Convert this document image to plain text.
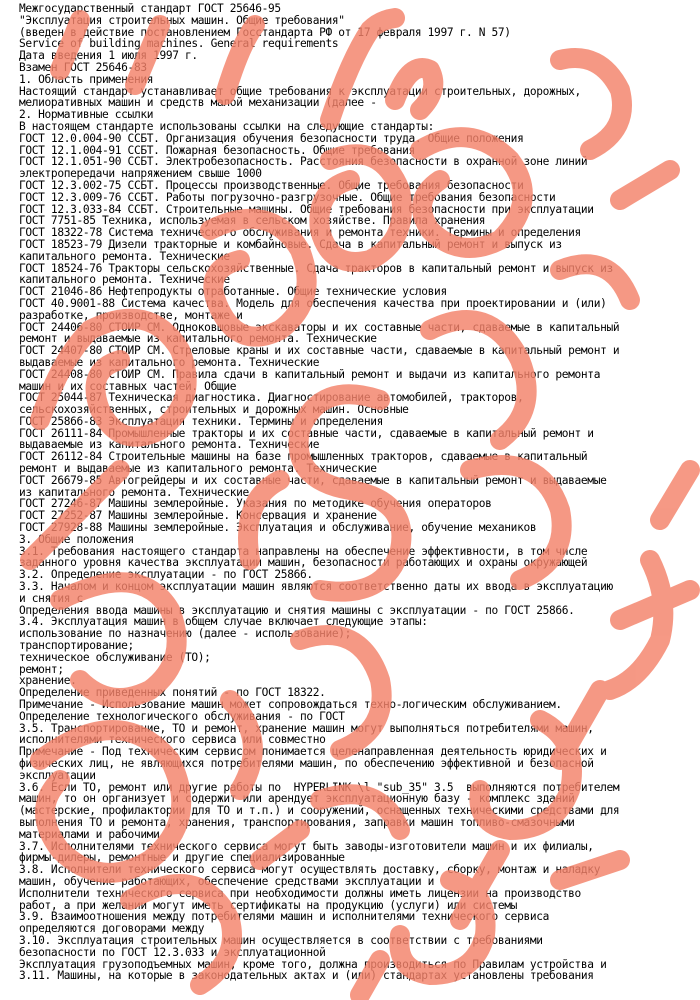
Межгосударственный стандарт ГОСТ 25646-95
"Эксплуатация строительных машин. Общие требования"
(введен в действие постановлением Госстандарта РФ от 17 февраля 1997 г. N 57)
Service of building machines. General requirements
Дата введения 1 июля 1997 г.
Взамен ГОСТ 25646-83
1. Область применения
Настоящий стандарт устанавливает общие требования к эксплуатации строительных, дорожных,
мелиоративных машин и средств малой механизации (далее -
2. Нормативные ссылки
В настоящем стандарте использованы ссылки на следующие стандарты:
ГОСТ 12.0.004-90 ССБТ. Организация обучения безопасности труда. Общие положения
ГОСТ 12.1.004-91 ССБТ. Пожарная безопасность. Общие требования
ГОСТ 12.1.051-90 ССБТ. Электробезопасность. Расстояния безопасности в охранной зоне линий
электропередачи напряжением свыше 1000
ГОСТ 12.3.002-75 ССБТ. Процессы производственные. Общие требования безопасности
ГОСТ 12.3.009-76 ССБТ. Работы погрузочно-разгрузочные. Общие требования безопасности
ГОСТ 12.3.033-84 ССБТ. Строительные машины. Общие требования безопасности при эксплуатации
ГОСТ 7751-85 Техника, используемая в сельском хозяйстве. Правила хранения
ГОСТ 18322-78 Система технического обслуживания и ремонта техники. Термины и определения
ГОСТ 18523-79 Дизели тракторные и комбайновые. Сдача в капитальный ремонт и выпуск из
капитального ремонта. Технические
ГОСТ 18524-76 Тракторы сельскохозяйственные. Сдача тракторов в капитальный ремонт и выпуск из
капитального ремонта. Технические
ГОСТ 21046-86 Нефтепродукты отработанные. Общие технические условия
ГОСТ 40.9001-88 Система качества. Модель для обеспечения качества при проектировании и (или)
разработке, производстве, монтаже и
ГОСТ 24406-80 СТОИР СМ. Одноковшовые экскаваторы и их составные части, сдаваемые в капитальный
ремонт и выдаваемые из капитального ремонта. Технические
ГОСТ 24407-80 СТОИР СМ. Стреловые краны и их составные части, сдаваемые в капитальный ремонт и
выдаваемые из капитального ремонта. Технические
ГОСТ 24408-80 СТОИР СМ. Правила сдачи в капитальный ремонт и выдачи из капитального ремонта
машин и их составных частей. Общие
ГОСТ 25044-87 Техническая диагностика. Диагностирование автомобилей, тракторов,
сельскохозяйственных, строительных и дорожных машин. Основные
ГОСТ 25866-83 Эксплуатация техники. Термины и определения
ГОСТ 26111-84 Промышленные тракторы и их составные части, сдаваемые в капитальный ремонт и
выдаваемые из капитального ремонта. Технические
ГОСТ 26112-84 Строительные машины на базе промышленных тракторов, сдаваемые в капитальный
ремонт и выдаваемые из капитального ремонта. Технические
ГОСТ 26679-85 Автогрейдеры и их составные части, сдаваемые в капитальный ремонт и выдаваемые
из капитального ремонта. Технические
ГОСТ 27246-87 Машины землеройные. Указания по методике обучения операторов
ГОСТ 27252-87 Машины землеройные. Консервация и хранение
ГОСТ 27928-88 Машины землеройные. Эксплуатация и обслуживание, обучение механиков
3. Общие положения
3.1. Требования настоящего стандарта направлены на обеспечение эффективности, в том числе
заданного уровня качества эксплуатации машин, безопасности работающих и охраны окружающей
3.2. Определение эксплуатации - по ГОСТ 25866.
3.3. Началом и концом эксплуатации машин являются соответственно даты их ввода в эксплуатацию
и снятия с
Определения ввода машины в эксплуатацию и снятия машины с эксплуатации - по ГОСТ 25866.
3.4. Эксплуатация машин в общем случае включает следующие этапы:
использование по назначению (далее - использование);
транспортирование;
техническое обслуживание (ТО);
ремонт;
хранение.
Определение приведенных понятий - по ГОСТ 18322.
Примечание - Использование машин может сопровождаться техно-логическим обслуживанием.
Определение технологического обслуживания - по ГОСТ
3.5. Транспортирование, ТО и ремонт, хранение машин могут выполняться потребителями машин,
исполнителями технического сервиса или совместно
Примечание - Под техническим сервисом понимается целенаправленная деятельность юридических и
физических лиц, не являющихся потребителями машин, по обеспечению эффективной и безопасной
эксплуатации
3.6. Если ТО, ремонт или другие работы по  HYPERLINK \l "sub_35" 3.5  выполняются потребителем
машин, то он организует и содержит или арендует эксплуатационную базу - комплекс зданий
(мастерские, профилактории для ТО и т.п.) и сооружений, оснащенных техническими средствами для
выполнения ТО и ремонта, хранения, транспортирования, заправки машин топливо-смазочными
материалами и рабочими
3.7. Исполнителями технического сервиса могут быть заводы-изготовители машин и их филиалы,
фирмы-дилеры, ремонтные и другие специализированные
3.8. Исполнители технического сервиса могут осуществлять доставку, сборку, монтаж и наладку
машин, обучение работающих, обеспечение средствами эксплуатации и
Исполнители технического сервиса при необходимости должны иметь лицензии на производство
работ, а при желании могут иметь сертификаты на продукцию (услуги) или системы
3.9. Взаимоотношения между потребителями машин и исполнителями технического сервиса
определяются договорами между
3.10. Эксплуатация строительных машин осуществляется в соответствии с требованиями
безопасности по ГОСТ 12.3.033 и эксплуатационной
Эксплуатация грузоподъемных машин, кроме того, должна производиться по Правилам устройства и
3.11. Машины, на которые в законодательных актах и (или) стандартах установлены требования
